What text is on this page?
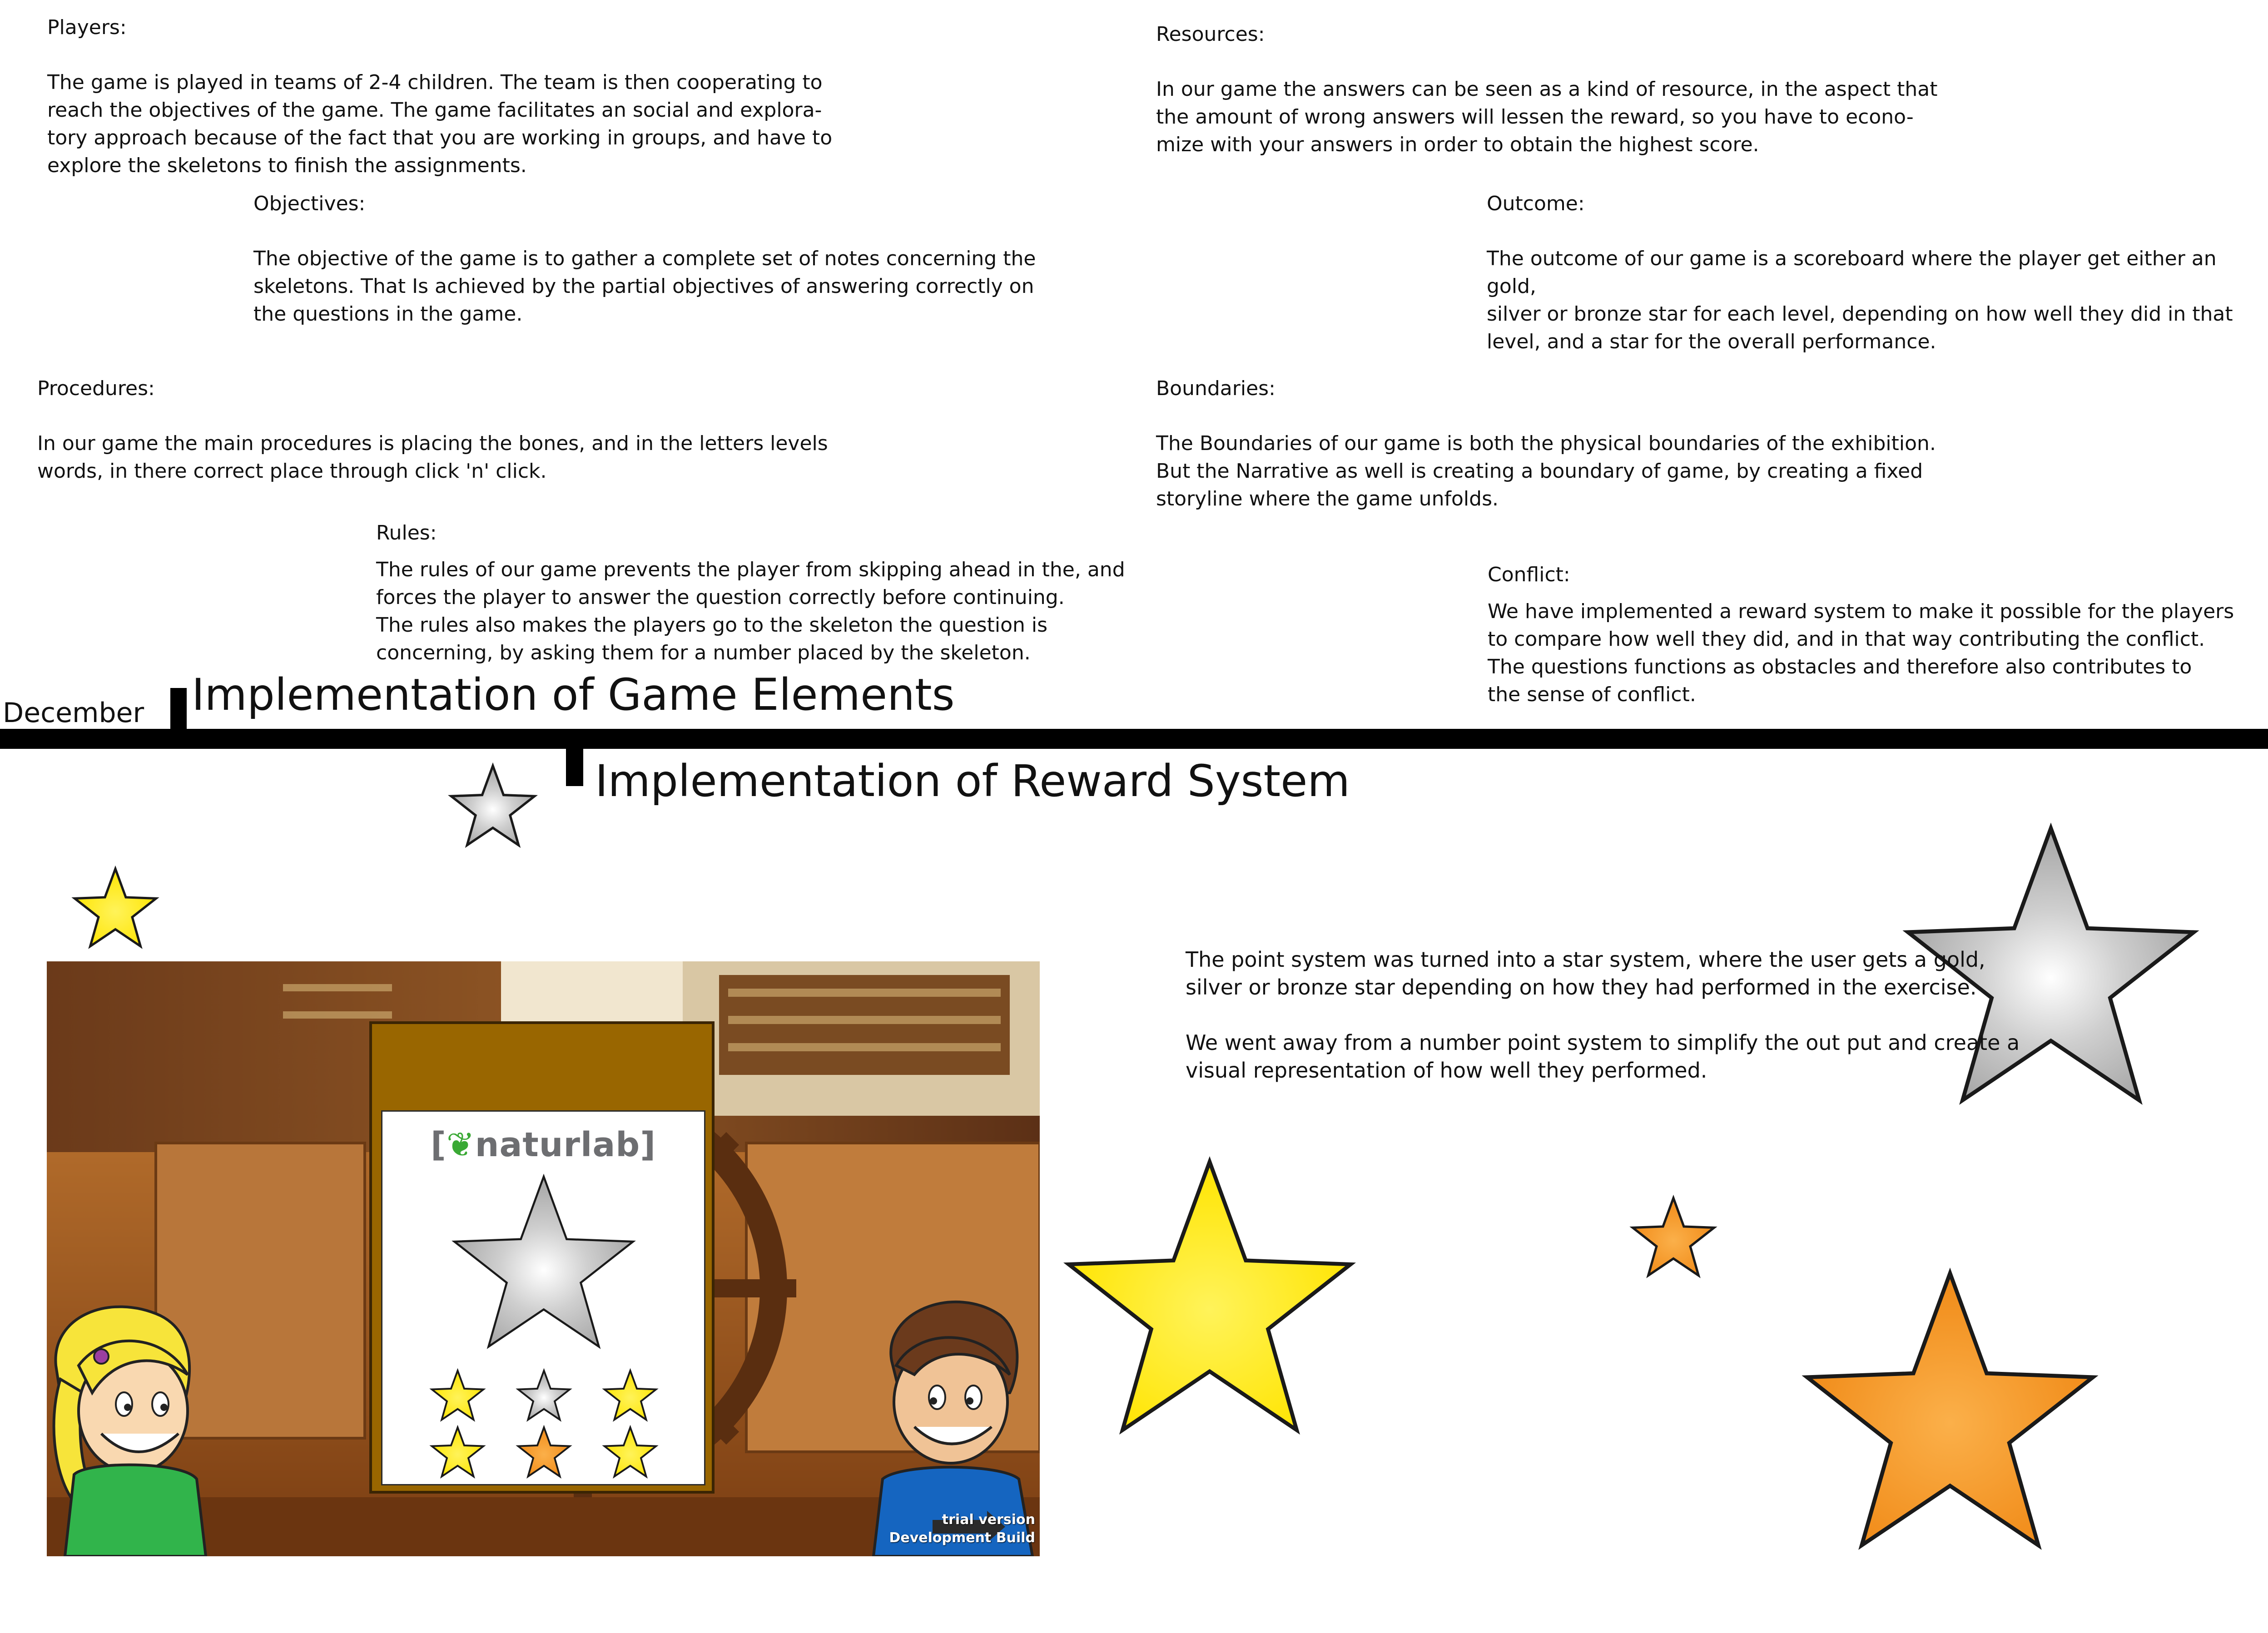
Players:
The game is played in teams of 2-4 children. The team is then cooperating to
reach the objectives of the game. The game facilitates an social and explora-
tory approach because of the fact that you are working in groups, and have to
explore the skeletons to finish the assignments.
Objectives:
The objective of the game is to gather a complete set of notes concerning the
skeletons. That Is achieved by the partial objectives of answering correctly on
the questions in the game.
Procedures:
In our game the main procedures is placing the bones, and in the letters levels
words, in there correct place through click 'n' click.
Rules:
The rules of our game prevents the player from skipping ahead in the, and
forces the player to answer the question correctly before continuing.
The rules also makes the players go to the skeleton the question is
concerning, by asking them for a number placed by the skeleton.
Resources:
In our game the answers can be seen as a kind of resource, in the aspect that
the amount of wrong answers will lessen the reward, so you have to econo-
mize with your answers in order to obtain the highest score.
Outcome:
The outcome of our game is a scoreboard where the player get either an gold,
silver or bronze star for each level, depending on how well they did in that
level, and a star for the overall performance.
Boundaries:
The Boundaries of our game is both the physical boundaries of the exhibition.
But the Narrative as well is creating a boundary of game, by creating a fixed
storyline where the game unfolds.
Conflict:
We have implemented a reward system to make it possible for the players
to compare how well they did, and in that way contributing the conflict.
The questions functions as obstacles and therefore also contributes to
the sense of conflict.
December Implementation of Game Elements
Implementation of Reward System
The point system was turned into a star system, where the user gets a gold,
silver or bronze star depending on how they had performed in the exercise.
We went away from a number point system to simplify the out put and create a
visual representation of how well they performed.
[❦naturlab]
trial version
Development Build
